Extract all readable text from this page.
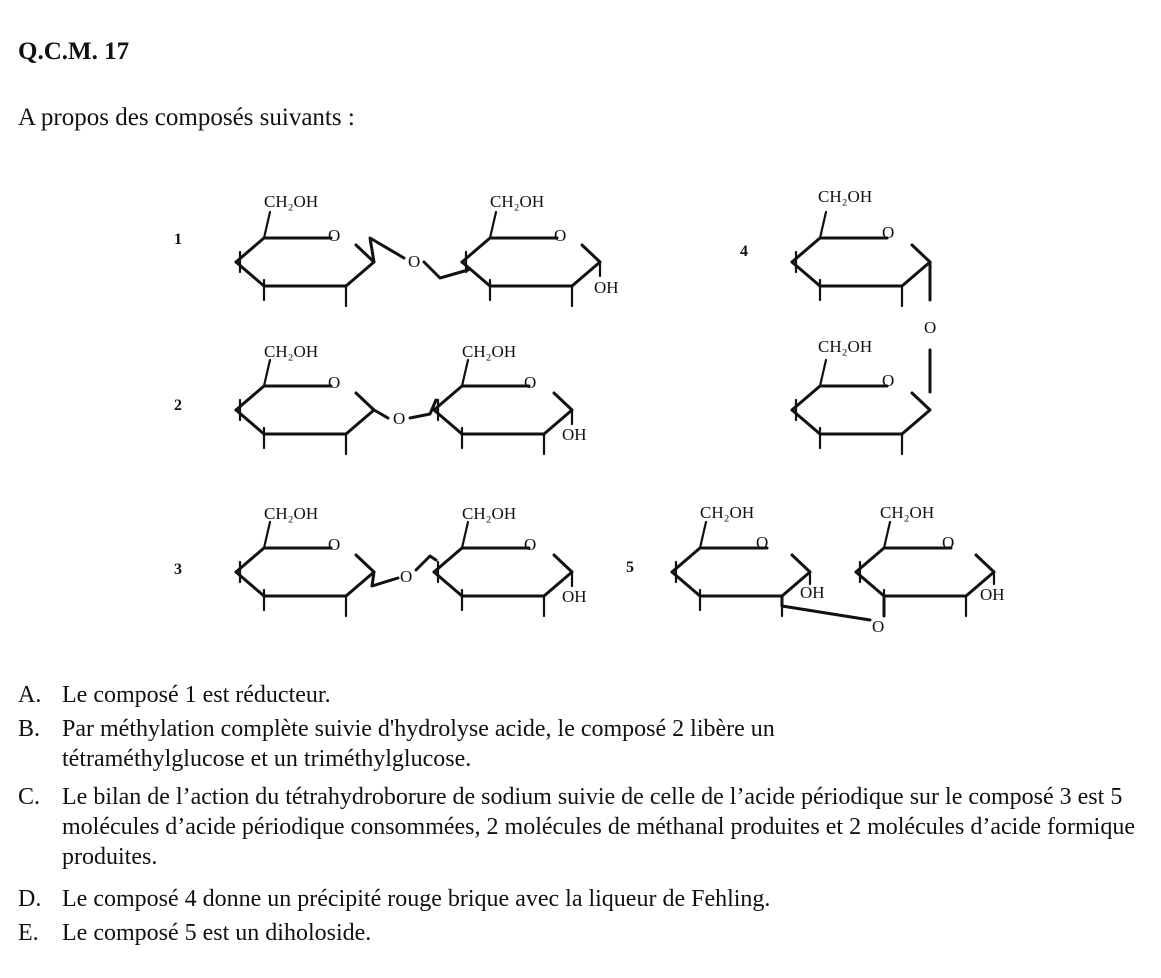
Q.C.M. 17
A propos des composés suivants :
1
CH₂OH
O
O
CH₂OH
O
OH
2
CH₂OH
O
O
CH₂OH
O
OH
3
CH₂OH
O
O
CH₂OH
O
OH
4
CH₂OH
O
O
CH₂OH
O
5
CH₂OH
O
OH
O
CH₂OH
O
OH
A. Le composé 1 est réducteur.
B. Par méthylation complète suivie d'hydrolyse acide, le composé 2 libère un tétraméthylglucose et un triméthylglucose.
C. Le bilan de l’action du tétrahydroborure de sodium suivie de celle de l’acide périodique sur le composé 3 est 5 molécules d’acide périodique consommées, 2 molécules de méthanal produites et 2 molécules d’acide formique produites.
D. Le composé 4 donne un précipité rouge brique avec la liqueur de Fehling.
E. Le composé 5 est un diholoside.
